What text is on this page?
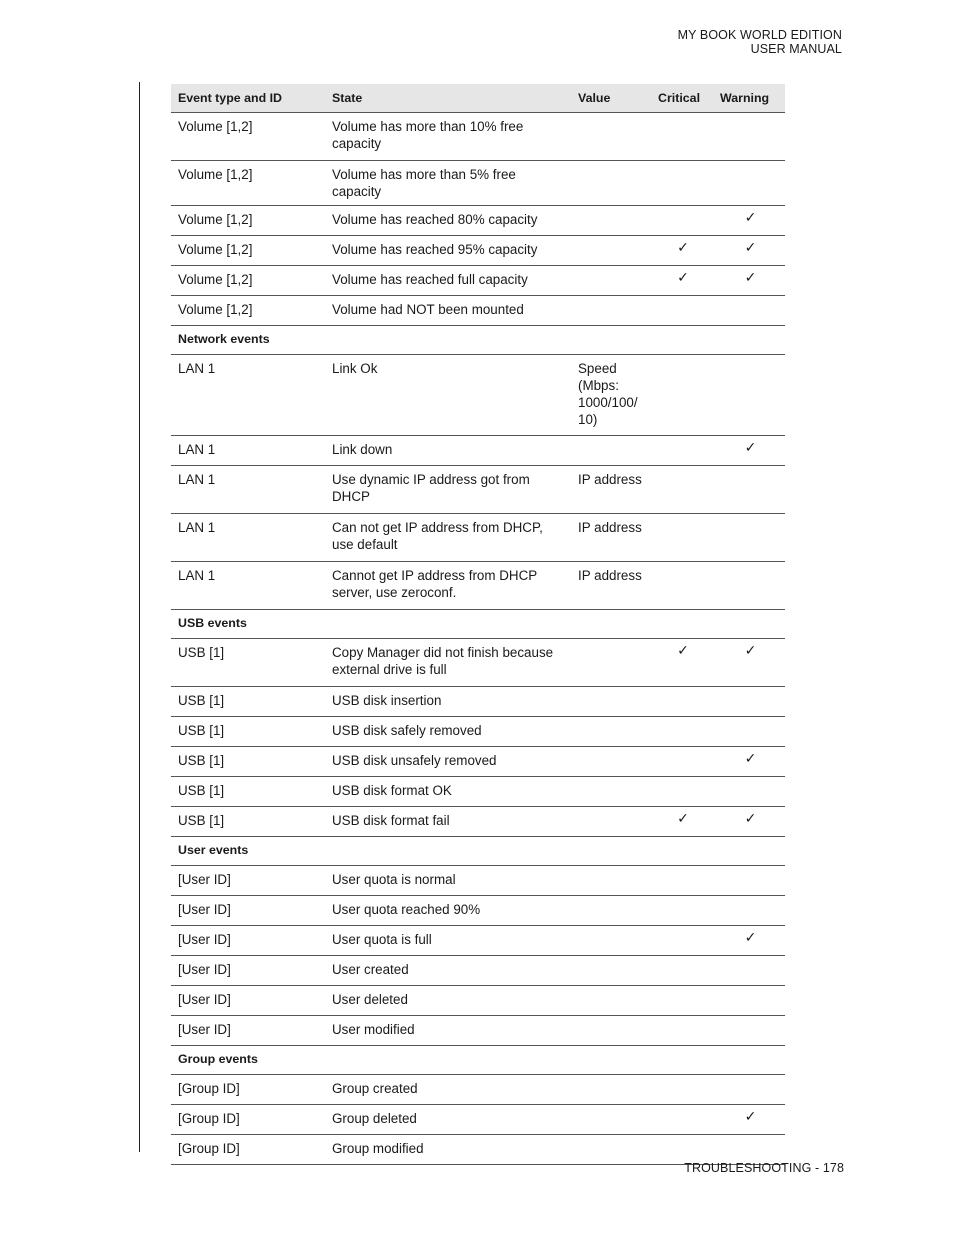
MY BOOK WORLD EDITION
USER MANUAL
Event type and ID	State	Value	Critical	Warning
Volume [1,2]	Volume has more than 10% free capacity			
Volume [1,2]	Volume has more than 5% free capacity			
Volume [1,2]	Volume has reached 80% capacity			✓
Volume [1,2]	Volume has reached 95% capacity		✓	✓
Volume [1,2]	Volume has reached full capacity		✓	✓
Volume [1,2]	Volume had NOT been mounted			
Network events				
LAN 1	Link Ok	Speed (Mbps: 1000/100/ 10)		
LAN 1	Link down			✓
LAN 1	Use dynamic IP address got from DHCP	IP address		
LAN 1	Can not get IP address from DHCP, use default	IP address		
LAN 1	Cannot get IP address from DHCP server, use zeroconf.	IP address		
USB events				
USB [1]	Copy Manager did not finish because external drive is full		✓	✓
USB [1]	USB disk insertion			
USB [1]	USB disk safely removed			
USB [1]	USB disk unsafely removed			✓
USB [1]	USB disk format OK			
USB [1]	USB disk format fail		✓	✓
User events				
[User ID]	User quota is normal			
[User ID]	User quota reached 90%			
[User ID]	User quota is full			✓
[User ID]	User created			
[User ID]	User deleted			
[User ID]	User modified			
Group events				
[Group ID]	Group created			
[Group ID]	Group deleted			✓
[Group ID]	Group modified			
TROUBLESHOOTING - 178
